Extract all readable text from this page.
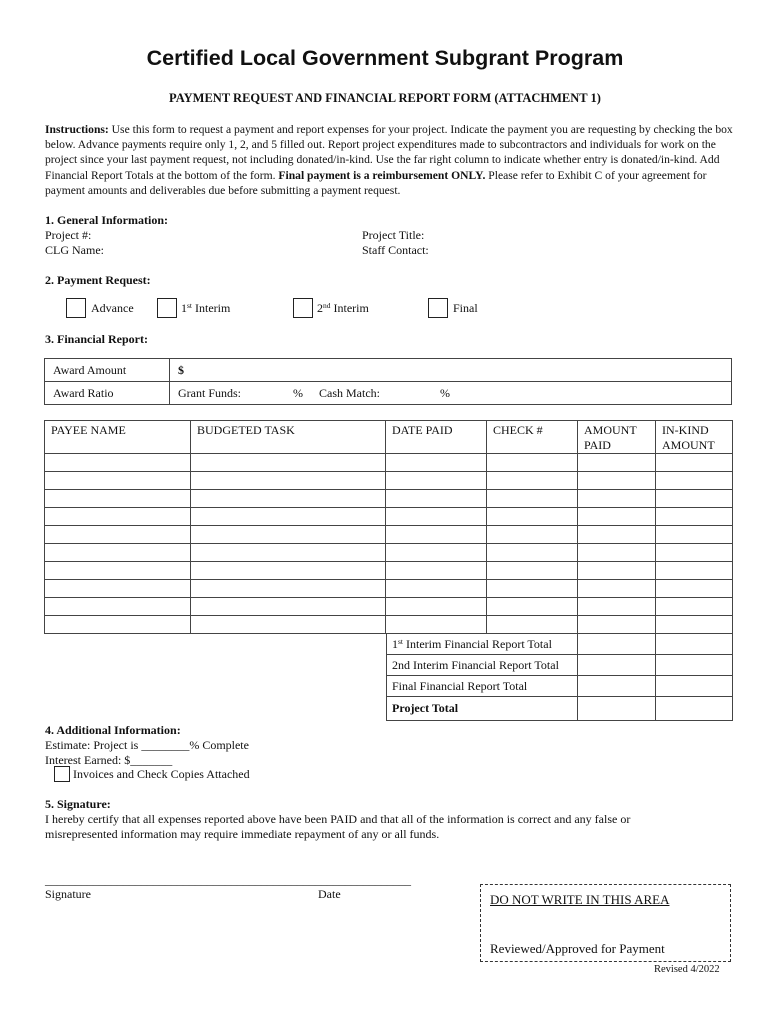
Certified Local Government Subgrant Program
PAYMENT REQUEST AND FINANCIAL REPORT FORM (ATTACHMENT 1)
Instructions: Use this form to request a payment and report expenses for your project. Indicate the payment you are requesting by checking the box below. Advance payments require only 1, 2, and 5 filled out. Report project expenditures made to subcontractors and individuals for work on the project since your last payment request, not including donated/in-kind. Use the far right column to indicate whether entry is donated/in-kind. Add Financial Report Totals at the bottom of the form. Final payment is a reimbursement ONLY. Please refer to Exhibit C of your agreement for payment amounts and deliverables due before submitting a payment request.
1. General Information:
Project #:
CLG Name:
Project Title:
Staff Contact:
2. Payment Request:
Advance	1st Interim	2nd Interim	Final
3. Financial Report:
Award Amount	$
Award Ratio	Grant Funds: % Cash Match: %
PAYEE NAME	BUDGETED TASK	DATE PAID	CHECK #	AMOUNT PAID	IN-KIND AMOUNT

1st Interim Financial Report Total		
2nd Interim Financial Report Total		
Final Financial Report Total		
Project Total		
4. Additional Information:
Estimate: Project is ________% Complete
Interest Earned: $_______
Invoices and Check Copies Attached
5. Signature:
I hereby certify that all expenses reported above have been PAID and that all of the information is correct and any false or misrepresented information may require immediate repayment of any or all funds.
_____________________________________________________________
Signature	Date	DO NOT WRITE IN THIS AREA
Reviewed/Approved for Payment
Revised 4/2022
